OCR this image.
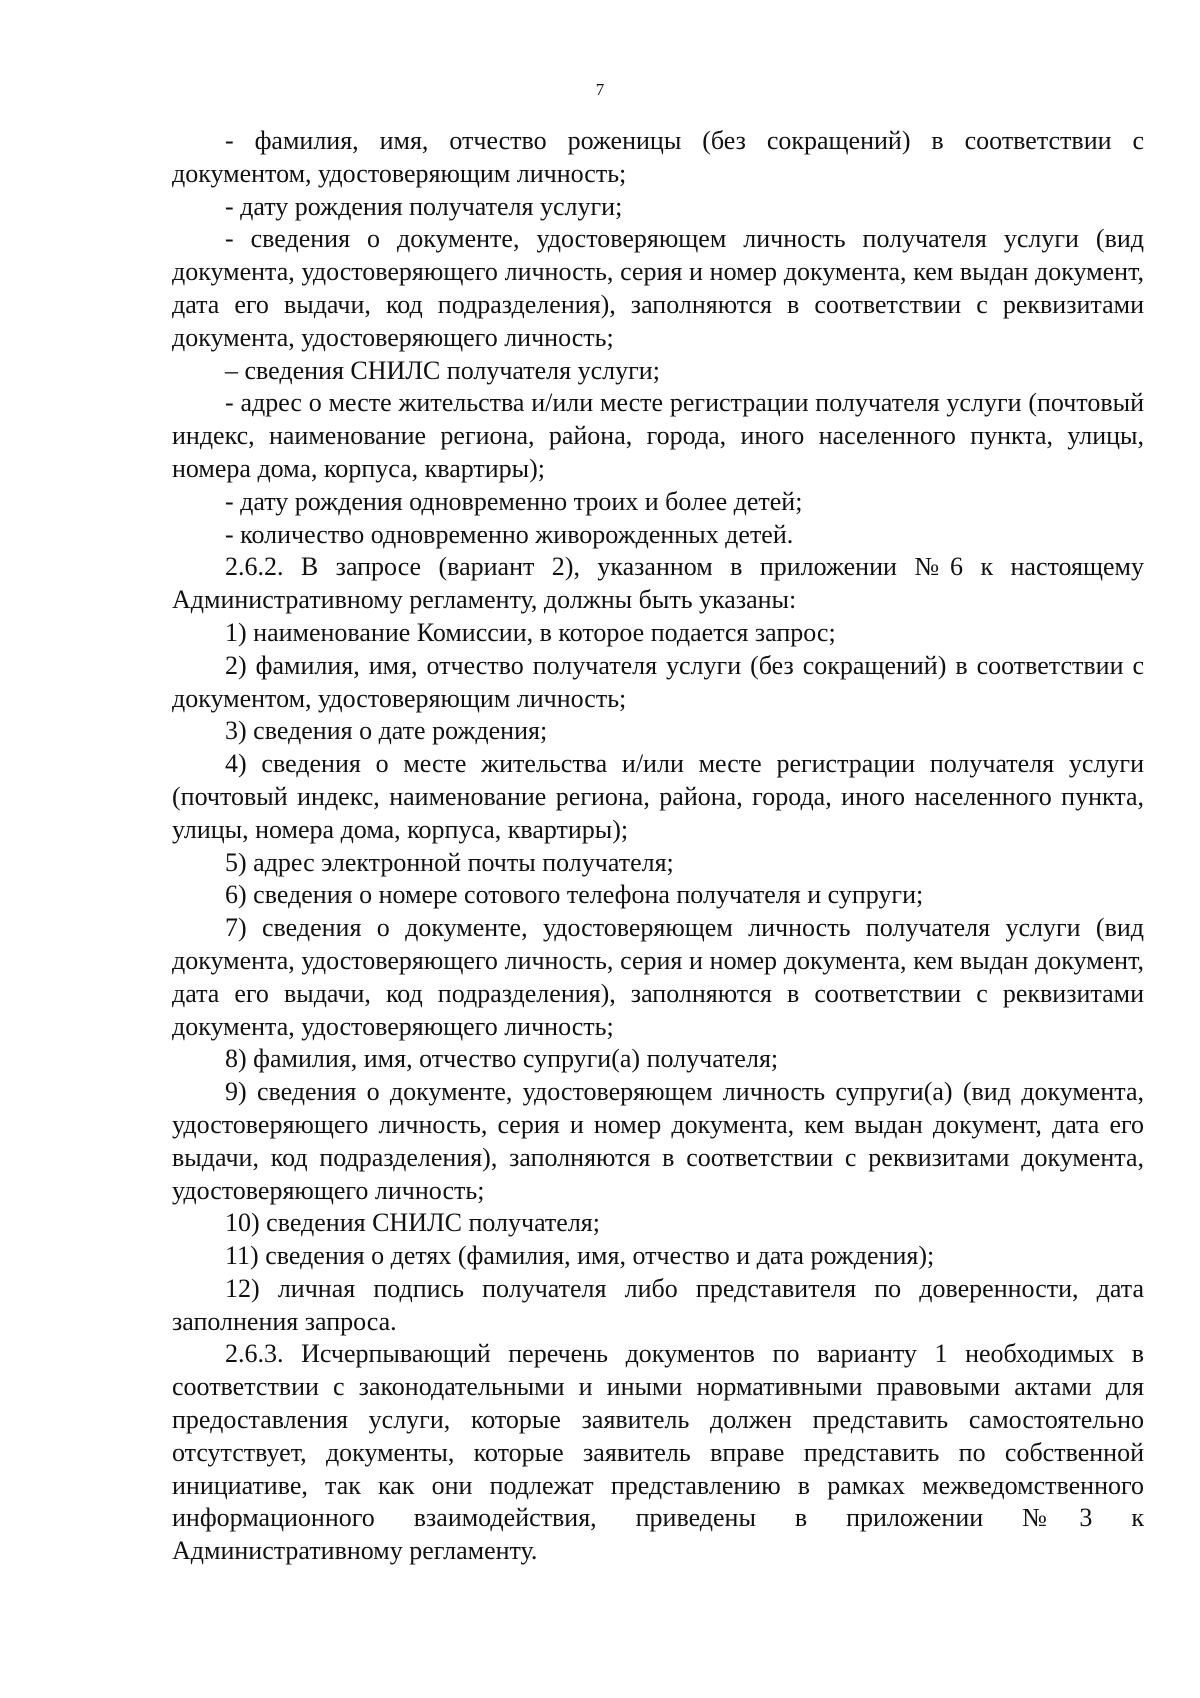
7

- фамилия, имя, отчество роженицы (без сокращений) в соответствии с документом, удостоверяющим личность;

- дату рождения получателя услуги;

- сведения о документе, удостоверяющем личность получателя услуги (вид документа, удостоверяющего личность, серия и номер документа, кем выдан документ, дата его выдачи, код подразделения), заполняются в соответствии с реквизитами документа, удостоверяющего личность;

– сведения СНИЛС получателя услуги;

- адрес о месте жительства и/или месте регистрации получателя услуги (почтовый индекс, наименование региона, района, города, иного населенного пункта, улицы, номера дома, корпуса, квартиры);

- дату рождения одновременно троих и более детей;

- количество одновременно живорожденных детей.

2.6.2. В запросе (вариант 2), указанном в приложении №6 к настоящему Административному регламенту, должны быть указаны:

1) наименование Комиссии, в которое подается запрос;

2) фамилия, имя, отчество получателя услуги (без сокращений) в соответствии с документом, удостоверяющим личность;

3) сведения о дате рождения;

4) сведения о месте жительства и/или месте регистрации получателя услуги (почтовый индекс, наименование региона, района, города, иного населенного пункта, улицы, номера дома, корпуса, квартиры);

5) адрес электронной почты получателя;

6) сведения о номере сотового телефона получателя и супруги;

7) сведения о документе, удостоверяющем личность получателя услуги (вид документа, удостоверяющего личность, серия и номер документа, кем выдан документ, дата его выдачи, код подразделения), заполняются в соответствии с реквизитами документа, удостоверяющего личность;

8) фамилия, имя, отчество супруги(а) получателя;

9) сведения о документе, удостоверяющем личность супруги(а) (вид документа, удостоверяющего личность, серия и номер документа, кем выдан документ, дата его выдачи, код подразделения), заполняются в соответствии с реквизитами документа, удостоверяющего личность;

10) сведения СНИЛС получателя;

11) сведения о детях (фамилия, имя, отчество и дата рождения);

12) личная подпись получателя либо представителя по доверенности, дата заполнения запроса.

2.6.3. Исчерпывающий перечень документов по варианту 1 необходимых в соответствии с законодательными и иными нормативными правовыми актами для предоставления услуги, которые заявитель должен представить самостоятельно отсутствует, документы, которые заявитель вправе представить по собственной инициативе, так как они подлежат представлению в рамках межведомственного информационного взаимодействия, приведены в приложении №3 к Административному регламенту.
